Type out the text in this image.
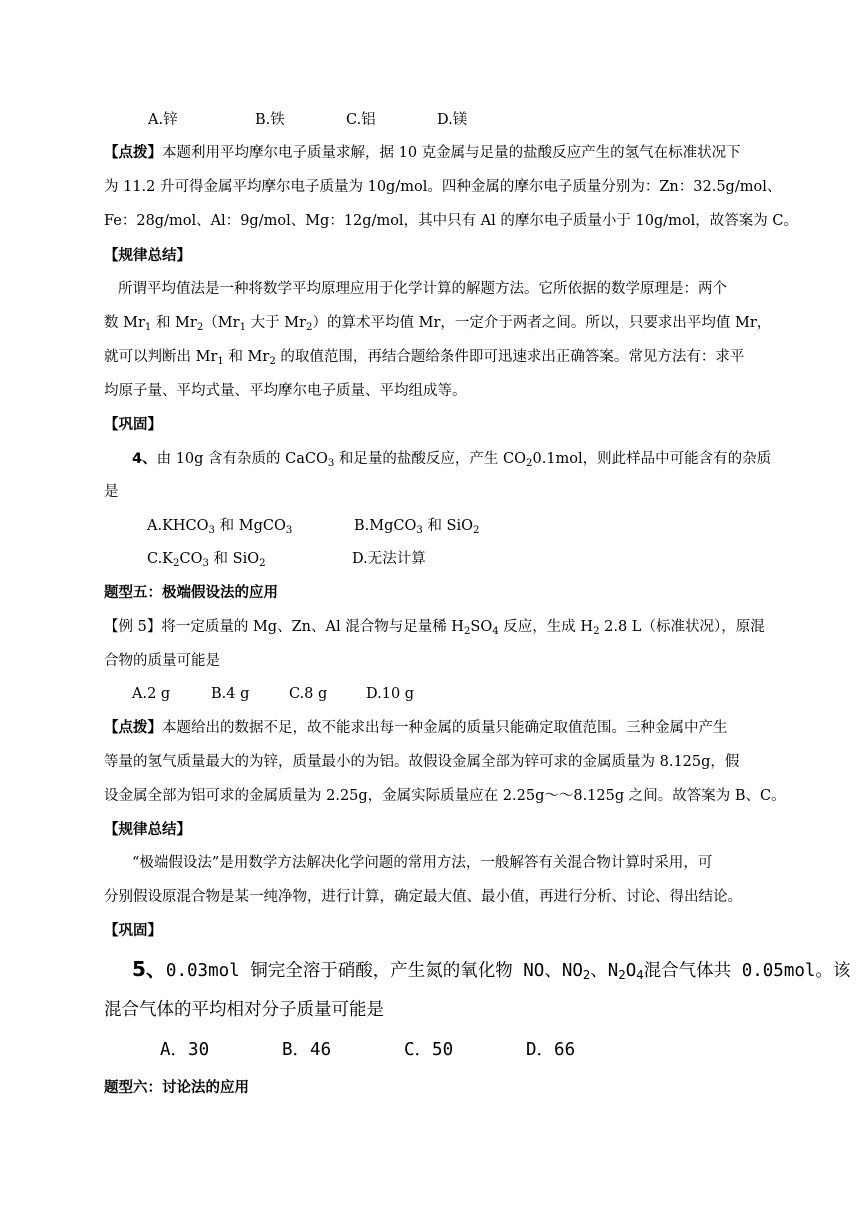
A.锌	B.铁	C.铝	D.镁
【点拨】本题利用平均摩尔电子质量求解，据 10 克金属与足量的盐酸反应产生的氢气在标准状况下
为 11.2 升可得金属平均摩尔电子质量为 10g/mol。四种金属的摩尔电子质量分别为：Zn：32.5g/mol、
Fe：28g/mol、Al：9g/mol、Mg：12g/mol，其中只有 Al 的摩尔电子质量小于 10g/mol，故答案为 C。
【规律总结】
所谓平均值法是一种将数学平均原理应用于化学计算的解题方法。它所依据的数学原理是：两个
数 $Mr_1$ 和 $Mr_2(Mr_1$ 大于 $Mr_2$）的算术平均值 Mr，一定介于两者之间。所以，只要求出平均值 Mr，
就可以判断出 $Mr_1$ 和 $Mr_2$ 的取值范围，再结合题给条件即可迅速求出正确答案。常见方法有：求平
均原子量、平均式量、平均摩尔电子质量、平均组成等。
【巩固】
4、由 10g 含有杂质的 CaCO$_3$ 和足量的盐酸反应，产生 $CO_20.1mol$，则此样品中可能含有的杂质
是
$A.KHCO_3$ 和 MgCO$_3$	B.MgCO$_3$ 和 SiO$_2$
$C.K_2CO_3$ 和 SiO$_2$	D.无法计算
题型五：极端假设法的应用
【例 5】将一定质量的 Mg、Zn、Al 混合物与足量稀 $H_2SO_4$ 反应，生成 $H_2$ 2.8 L（标准状况），原混
合物的质量可能是
A.2 g	B.4 g	C.8 g	D.10 g
【点拨】本题给出的数据不足，故不能求出每一种金属的质量只能确定取值范围。三种金属中产生
等量的氢气质量最大的为锌，质量最小的为铝。故假设金属全部为锌可求的金属质量为 8.125g，假
设金属全部为铝可求的金属质量为 2.25g，金属实际质量应在 2.25g～～8.125g 之间。故答案为 B、C。
【规律总结】
“极端假设法”是用数学方法解决化学问题的常用方法，一般解答有关混合物计算时采用，可
分别假设原混合物是某一纯净物，进行计算，确定最大值、最小值，再进行分析、讨论、得出结论。
【巩固】
5、0.03mol 铜完全溶于硝酸，产生氮的氧化物 NO、$NO_2$、$N_2O_4$混合气体共 0.05mol。该
混合气体的平均相对分子质量可能是
A．30	B．46	C．50	D．66
题型六：讨论法的应用
